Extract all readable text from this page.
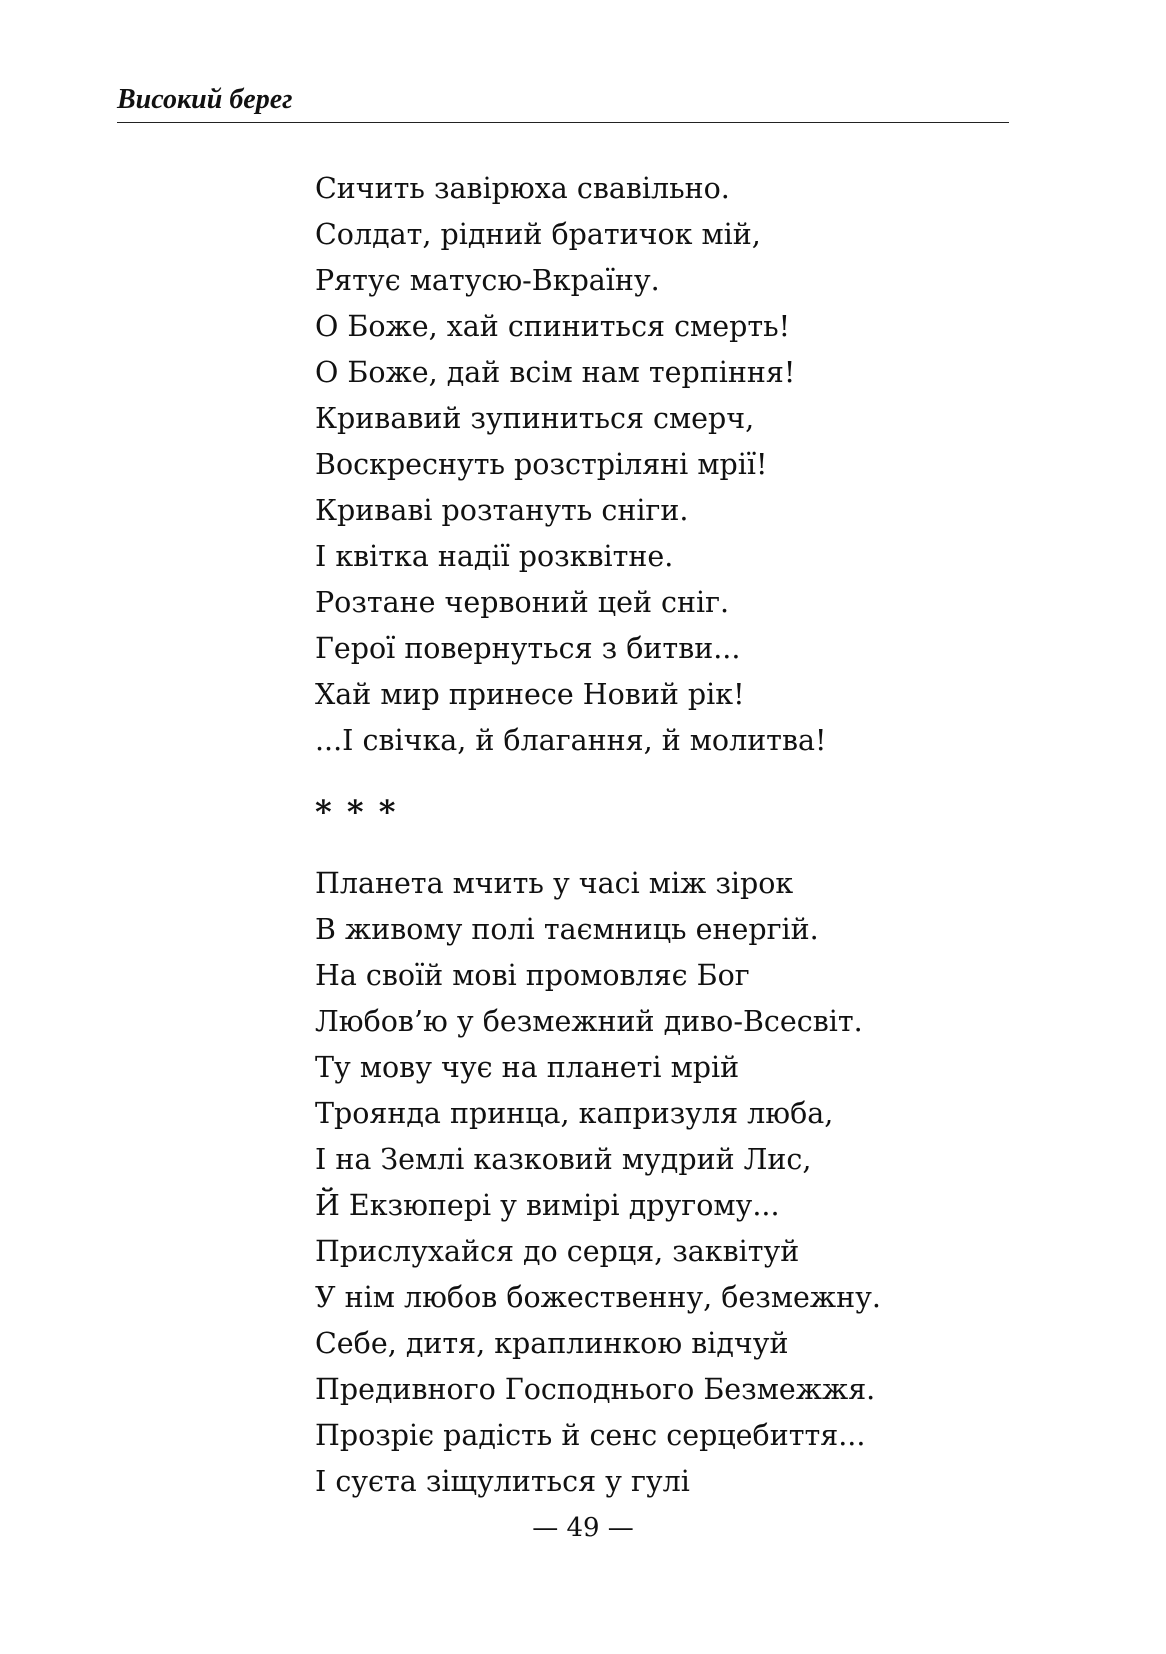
Високий берег
Сичить завірюха свавільно.
Солдат, рідний братичок мій,
Рятує матусю-Вкраїну.
О Боже, хай спиниться смерть!
О Боже, дай всім нам терпіння!
Кривавий зупиниться смерч,
Воскреснуть розстріляні мрії!
Криваві розтануть сніги.
І квітка надії розквітне.
Розтане червоний цей сніг.
Герої повернуться з битви...
Хай мир принесе Новий рік!
...І свічка, й благання, й молитва!
* * *
Планета мчить у часі між зірок
В живому полі таємниць енергій.
На своїй мові промовляє Бог
Любов’ю у безмежний диво-Всесвіт.
Ту мову чує на планеті мрій
Троянда принца, капризуля люба,
І на Землі казковий мудрий Лис,
Й Екзюпері у вимірі другому...
Прислухайся до серця, заквітуй
У нім любов божественну, безмежну.
Себе, дитя, краплинкою відчуй
Предивного Господнього Безмежжя.
Прозріє радість й сенс серцебиття...
І суєта зіщулиться у гулі
— 49 —
